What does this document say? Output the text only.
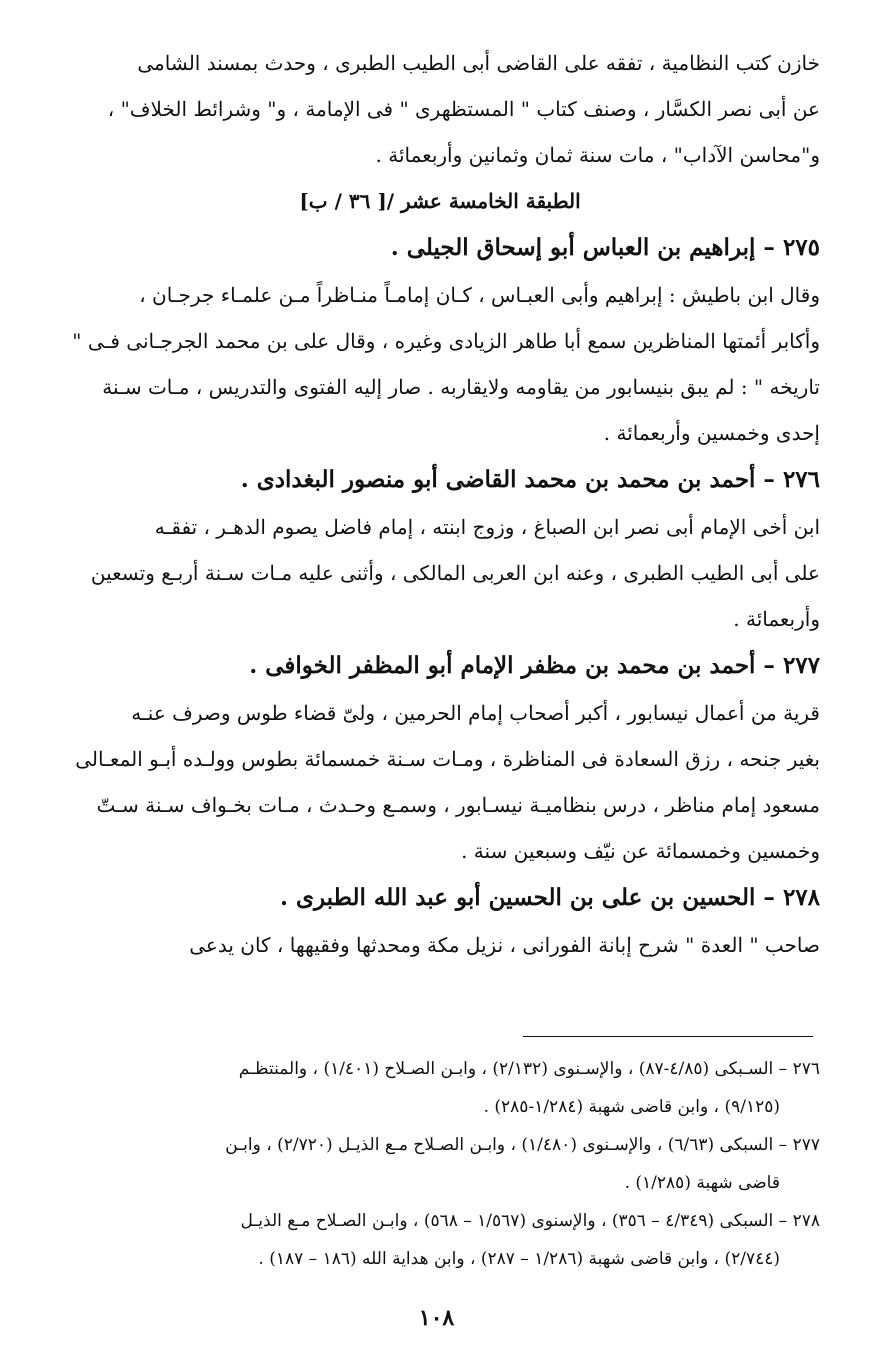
خازن كتب النظامية ، تفقه على القاضى أبى الطيب الطبرى ، وحدث بمسند الشامى

عن أبى نصر الكسَّار ، وصنف كتاب " المستظهرى " فى الإمامة ، و" وشرائط الخلاف" ،

و"محاسن الآداب" ، مات سنة ثمان وثمانين وأربعمائة .

الطبقة الخامسة عشر /[ ٣٦ / ب]

٢٧٥– إبراهيم بن العباس أبو إسحاق الجيلى .

وقال ابن باطيش : إبراهيم وأبى العبـاس ، كـان إمامـاً منـاظراً مـن علمـاء جرجـان ،

وأكابر أئمتها المناظرين سمع أبا طاهر الزيادى وغيره ، وقال على بن محمد الجرجـانى فـى "

تاريخه " : لم يبق بنيسابور من يقاومه ولايقاربه . صار إليه الفتوى والتدريس ، مـات سـنة

إحدى وخمسين وأربعمائة .

٢٧٦– أحمد بن محمد بن محمد القاضى أبو منصور البغدادى .

ابن أخى الإمام أبى نصر ابن الصباغ ، وزوج ابنته ، إمام فاضل يصوم الدهـر ، تفقـه

على أبى الطيب الطبرى ، وعنه ابن العربى المالكى ، وأثنى عليه مـات سـنة أربـع وتسعين

وأربعمائة .

٢٧٧– أحمد بن محمد بن مظفر الإمام أبو المظفر الخوافى .

قرية من أعمال نيسابور ، أكبر أصحاب إمام الحرمين ، ولىّ قضاء طوس وصرف عنـه

بغير جنحه ، رزق السعادة فى المناظرة ، ومـات سـنة خمسمائة بطوس وولـده أبـو المعـالى

مسعود إمام مناظر ، درس بنظاميـة نيسـابور ، وسمـع وحـدث ، مـات بخـواف سـنة سـتّ

وخمسين وخمسمائة عن نيّف وسبعين سنة .

٢٧٨– الحسين بن على بن الحسين أبو عبد الله الطبرى .

صاحب " العدة " شرح إبانة الفورانى ، نزيل مكة ومحدثها وفقيهها ، كان يدعى

٢٧٦ – السـبكى (٤/٨٥-٨٧) ، والإسـنوى (٢/١٣٢) ، وابـن الصـلاح (١/٤٠١) ، والمنتظـم

(٩/١٢٥) ، وابن قاضى شهبة (١/٢٨٤-٢٨٥) .

٢٧٧ – السبكى (٦/٦٣) ، والإسـنوى (١/٤٨٠) ، وابـن الصـلاح مـع الذيـل (٢/٧٢٠) ، وابـن

قاضى شهبة (١/٢٨٥) .

٢٧٨ – السبكى (٤/٣٤٩ – ٣٥٦) ، والإسنوى (١/٥٦٧ – ٥٦٨) ، وابـن الصـلاح مـع الذيـل

(٢/٧٤٤) ، وابن قاضى شهبة (١/٢٨٦ – ٢٨٧) ، وابن هداية الله (١٨٦ – ١٨٧) .

١٠٨
